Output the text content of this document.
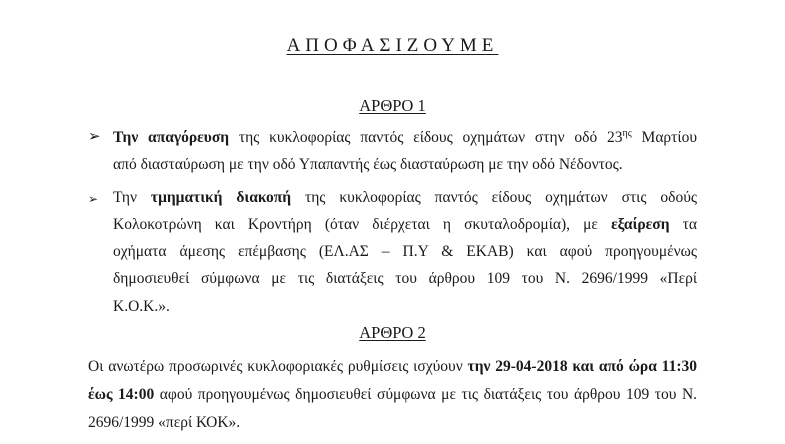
ΑΠΟΦΑΣΙΖΟΥΜΕ
ΑΡΘΡΟ 1
➢ Την απαγόρευση της κυκλοφορίας παντός είδους οχημάτων στην οδό $23^{\eta\varsigma}$ Μαρτίου
από διασταύρωση με την οδό Υπαπαντής έως διασταύρωση με την οδό Νέδοντος.
➢ Την τμηματική διακοπή της κυκλοφορίας παντός είδους οχημάτων στις οδούς
Κολοκοτρώνη και Κροντήρη (όταν διέρχεται η σκυταλοδρομία), με εξαίρεση τα
οχήματα άμεσης επέμβασης (ΕΛ.ΑΣ – Π.Υ & ΕΚΑΒ) και αφού προηγουμένως
δημοσιευθεί σύμφωνα με τις διατάξεις του άρθρου 109 του Ν. 2696/1999 «Περί
Κ.Ο.Κ.».
ΑΡΘΡΟ 2
Οι ανωτέρω προσωρινές κυκλοφοριακές ρυθμίσεις ισχύουν την 29-04-2018 και από ώρα 11:30
έως 14:00 αφού προηγουμένως δημοσιευθεί σύμφωνα με τις διατάξεις του άρθρου 109 του Ν.
2696/1999 «περί ΚΟΚ».
